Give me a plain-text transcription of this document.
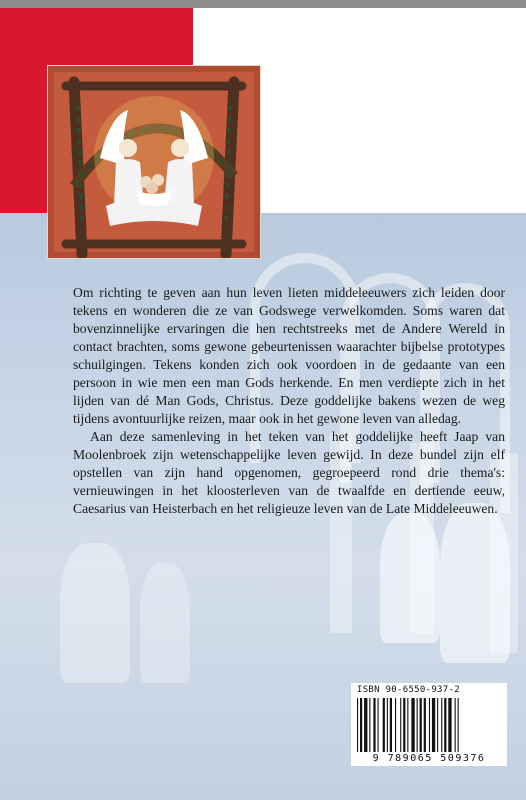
Om richting te geven aan hun leven lieten middeleeuwers zich leiden door tekens en wonderen die ze van Godswege verwelkomden. Soms waren dat bovenzinnelijke ervaringen die hen rechtstreeks met de Andere Wereld in contact brachten, soms gewone gebeurtenissen waarachter bijbelse prototypes schuilgingen. Tekens konden zich ook voordoen in de gedaante van een persoon in wie men een man Gods herkende. En men verdiepte zich in het lijden van dé Man Gods, Christus. Deze goddelijke bakens wezen de weg tijdens avontuurlijke reizen, maar ook in het gewone leven van alledag.

Aan deze samenleving in het teken van het goddelijke heeft Jaap van Moolenbroek zijn wetenschappelijke leven gewijd. In deze bundel zijn elf opstellen van zijn hand opgenomen, gegroepeerd rond drie thema's: vernieuwingen in het kloosterleven van de twaalfde en dertiende eeuw, Caesarius van Heisterbach en het religieuze leven van de Late Middeleeuwen.

ISBN 90-6550-937-2
9 789065 509376
